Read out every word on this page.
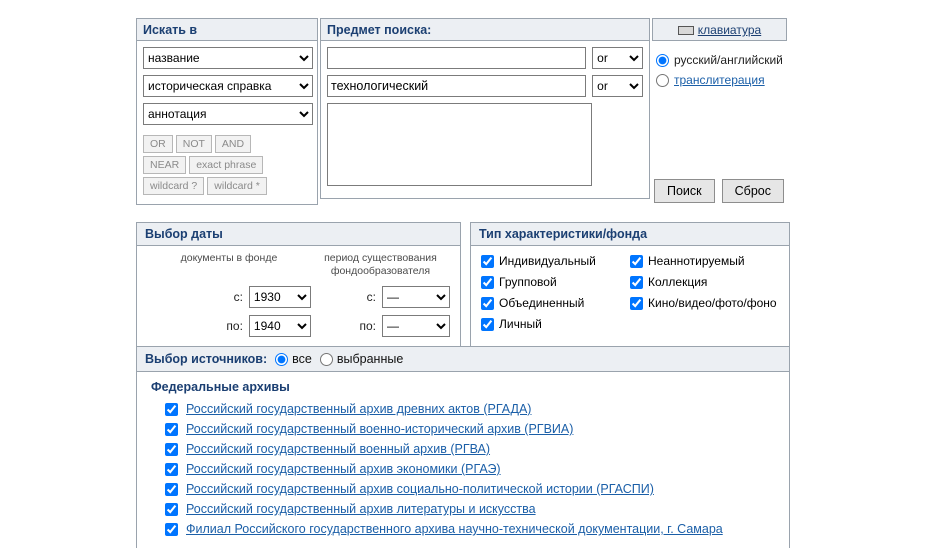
Искать в
название
историческая справка
аннотация
OR	NOT	AND
NEAR	exact phrase
wildcard ?	wildcard *
Предмет поиска:
or
технологический
or	клавиатура
русский/английский
транслитерация
Поиск	Сброс
Выбор даты
документы в фонде
с:
1930
по:
1940
период существования фондообразователя
с:
—
по:
—
Тип характеристики/фонда
Индивидуальный
Групповой
Объединенный
Личный
Неаннотируемый
Коллекция
Кино/видео/фото/фоно
Выбор источников: все выбранные
Федеральные архивы
Российский государственный архив древних актов (РГАДА)
Российский государственный военно-исторический архив (РГВИА)
Российский государственный военный архив (РГВА)
Российский государственный архив экономики (РГАЭ)
Российский государственный архив социально-политической истории (РГАСПИ)
Российский государственный архив литературы и искусства
Филиал Российского государственного архива научно-технической документации, г. Самара
